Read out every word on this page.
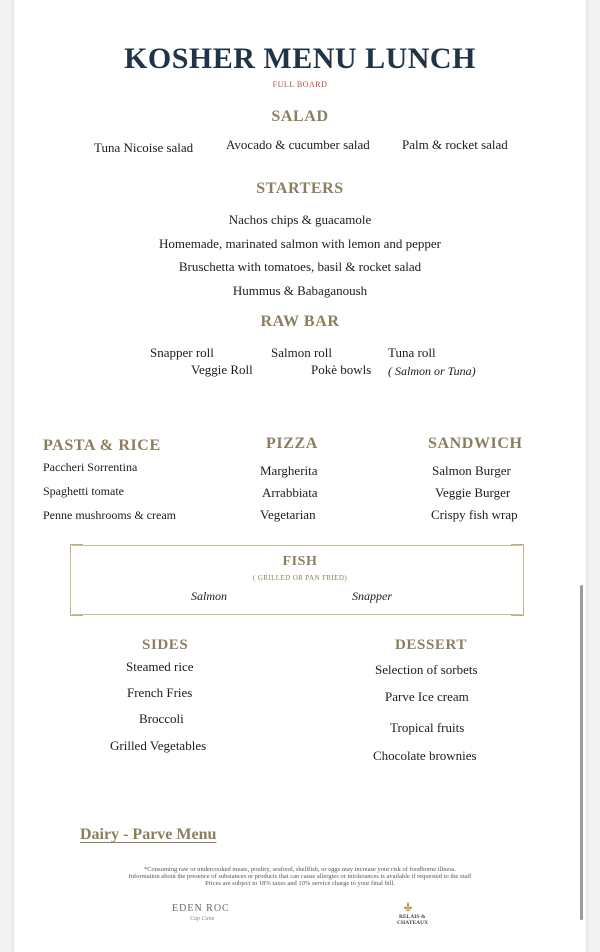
KOSHER MENU LUNCH
FULL BOARD
SALAD
Tuna Nicoise salad	Avocado & cucumber salad Palm & rocket salad
STARTERS
Nachos chips & guacamole
Homemade, marinated salmon with lemon and pepper
Bruschetta with tomatoes, basil & rocket salad
Hummus & Babaganoush
RAW BAR
Snapper roll	Salmon roll	Tuna roll
Veggie Roll	Pokè bowls ( Salmon or Tuna)
PASTA & RICE
Paccheri Sorrentina
Spaghetti tomate
Penne mushrooms & cream
PIZZA
Margherita
Arrabbiata
Vegetarian
SANDWICH
Salmon Burger
Veggie Burger
Crispy fish wrap
FISH
( GRILLED OR PAN FRIED)
Salmon	Snapper
SIDES
Steamed rice
French Fries
Broccoli
Grilled Vegetables
DESSERT
Selection of sorbets
Parve Ice cream
Tropical fruits
Chocolate brownies
Dairy - Parve Menu
*Consuming raw or undercooked meats, poultry, seafood, shellfish, or eggs may increase your risk of foodborne illness.
Information about the presence of substances or products that can cause allergies or intolerances is available if requested to the staff
Prices are subject to 18% taxes and 10% service charge to your final bill.
EDEN ROC
Cap Cana	RELAIS &
CHATEAUX
